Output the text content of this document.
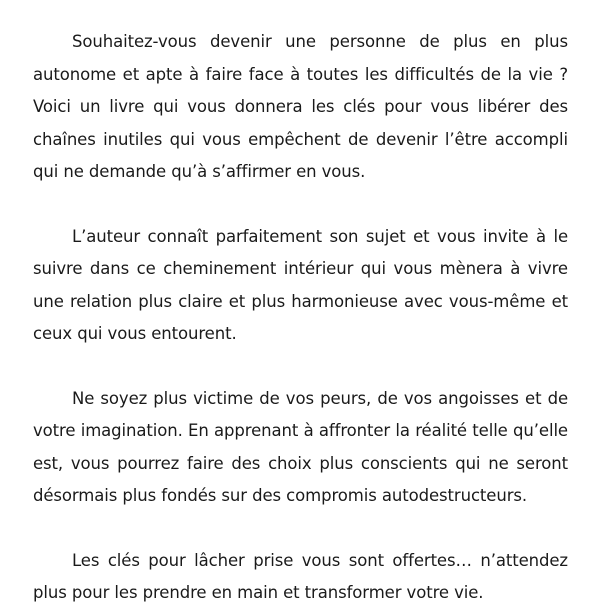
Souhaitez-vous devenir une personne de plus en plus autonome et apte à faire face à toutes les difficultés de la vie ? Voici un livre qui vous donnera les clés pour vous libérer des chaînes inutiles qui vous empêchent de devenir l’être accompli qui ne demande qu’à s’affirmer en vous.

L’auteur connaît parfaitement son sujet et vous invite à le suivre dans ce cheminement intérieur qui vous mènera à vivre une relation plus claire et plus harmonieuse avec vous-même et ceux qui vous entourent.

Ne soyez plus victime de vos peurs, de vos angoisses et de votre imagination. En apprenant à affronter la réalité telle qu’elle est, vous pourrez faire des choix plus conscients qui ne seront désormais plus fondés sur des compromis autodestructeurs.

Les clés pour lâcher prise vous sont offertes… n’attendez plus pour les prendre en main et transformer votre vie.
